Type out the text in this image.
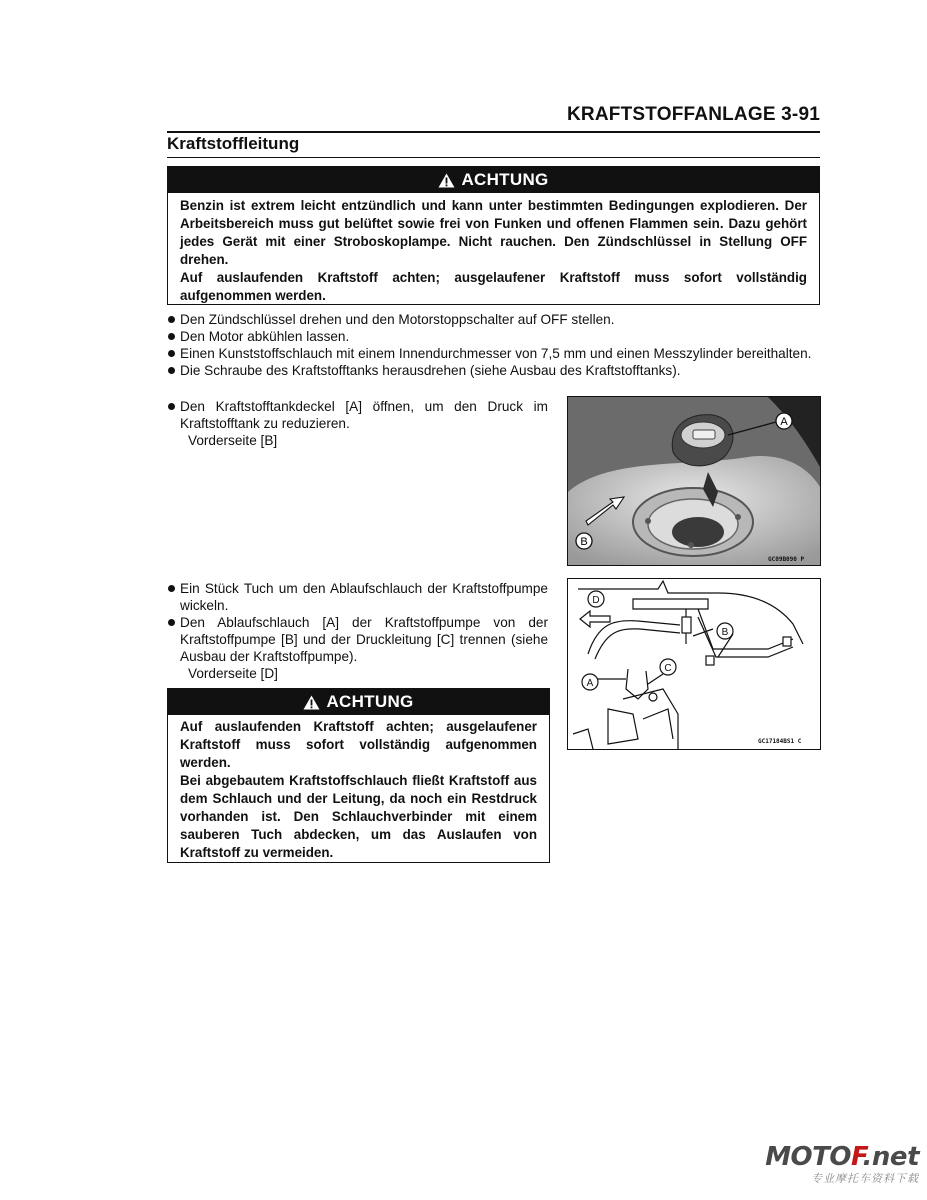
KRAFTSTOFFANLAGE 3-91
Kraftstoffleitung
ACHTUNG

Benzin ist extrem leicht entzündlich und kann unter bestimmten Bedingungen explodieren. Der Arbeitsbereich muss gut belüftet sowie frei von Funken und offenen Flammen sein. Dazu gehört jedes Gerät mit einer Stroboskoplampe. Nicht rauchen. Den Zündschlüssel in Stellung OFF drehen.

Auf auslaufenden Kraftstoff achten; ausgelaufener Kraftstoff muss sofort vollständig aufgenommen werden.

Den Zündschlüssel drehen und den Motorstoppschalter auf OFF stellen.
Den Motor abkühlen lassen.
Einen Kunststoffschlauch mit einem Innendurchmesser von 7,5 mm und einen Messzylinder bereithalten.
Die Schraube des Kraftstofftanks herausdrehen (siehe Ausbau des Kraftstofftanks).
Den Kraftstofftankdeckel [A] öffnen, um den Druck im Kraftstofftank zu reduzieren.
Vorderseite [B]
A
B
GC09B090 P
Ein Stück Tuch um den Ablaufschlauch der Kraftstoffpumpe wickeln.
Den Ablaufschlauch [A] der Kraftstoffpumpe von der Kraftstoffpumpe [B] und der Druckleitung [C] trennen (siehe Ausbau der Kraftstoffpumpe).
Vorderseite [D]
D
B
C
A
GC17184BS1 C
ACHTUNG

Auf auslaufenden Kraftstoff achten; ausgelaufener Kraftstoff muss sofort vollständig aufgenommen werden.

Bei abgebautem Kraftstoffschlauch fließt Kraftstoff aus dem Schlauch und der Leitung, da noch ein Restdruck vorhanden ist. Den Schlauchverbinder mit einem sauberen Tuch abdecken, um das Auslaufen von Kraftstoff zu vermeiden.

MOTOF.net
专业摩托车资料下载
